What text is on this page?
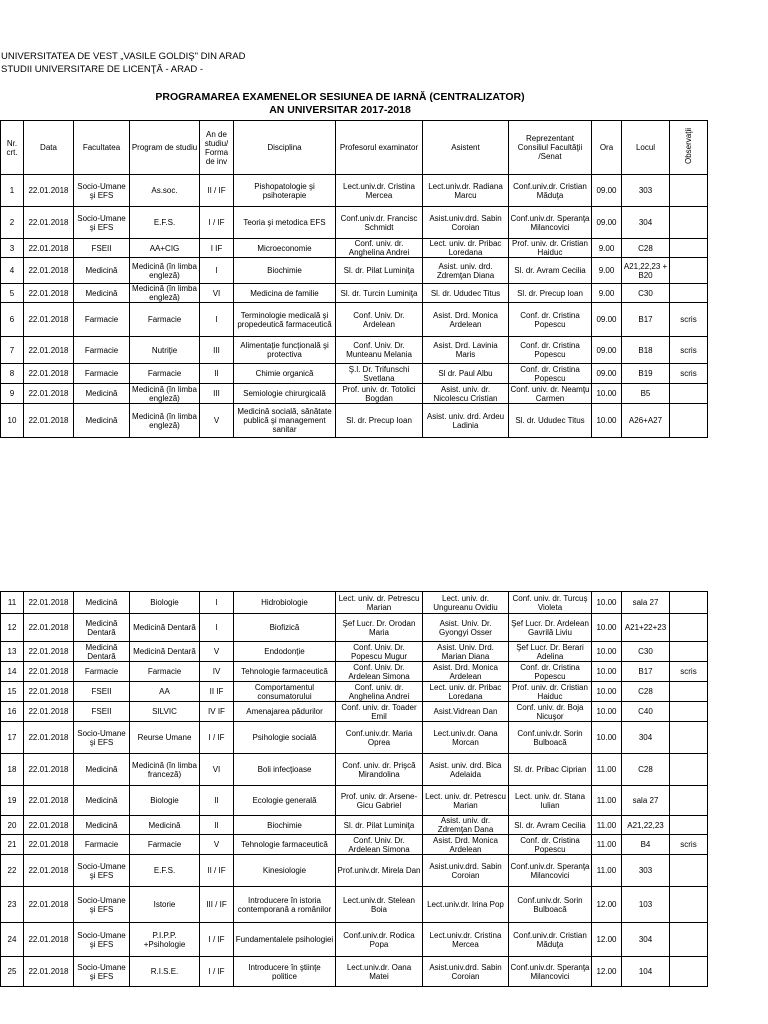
UNIVERSITATEA DE VEST „VASILE GOLDIŞ" DIN ARAD
STUDII UNIVERSITARE DE LICENŢĂ - ARAD -
PROGRAMAREA EXAMENELOR SESIUNEA DE IARNĂ (CENTRALIZATOR)
AN UNIVERSITAR 2017-2018
Nr. crt.	Data	Facultatea	Program de studiu	An de studiu/ Forma de inv	Disciplina	Profesorul examinator	Asistent	Reprezentant Consiliul Facultăţii /Senat	Ora	Locul	Observaţii
1	22.01.2018	Socio-Umane şi EFS	As.soc.	II / IF	Pishopatologie şi psihoterapie	Lect.univ.dr. Cristina Mercea	Lect.univ.dr. Radiana Marcu	Conf.univ.dr. Cristian Măduţa	09.00	303	
2	22.01.2018	Socio-Umane şi EFS	E.F.S.	I / IF	Teoria şi metodica EFS	Conf.univ.dr. Francisc Schmidt	Asist.univ.drd. Sabin Coroian	Conf.univ.dr. Speranţa Milancovici	09.00	304	
3	22.01.2018	FSEII	AA+CIG	I IF	Microeconomie	Conf. univ. dr. Anghelina Andrei	Lect. univ. dr. Pribac Loredana	Prof. univ. dr. Cristian Haiduc	9.00	C28	
4	22.01.2018	Medicină	Medicină (în limba engleză)	I	Biochimie	Sl. dr. Pilat Luminiţa	Asist. univ. drd. Zdremţan Diana	Sl. dr. Avram Cecilia	9.00	A21,22,23 + B20	
5	22.01.2018	Medicină	Medicină (în limba engleză)	VI	Medicina de familie	Sl. dr. Turcin Luminiţa	Sl. dr. Ududec Titus	Sl. dr. Precup Ioan	9.00	C30	
6	22.01.2018	Farmacie	Farmacie	I	Terminologie medicală şi propedeutică farmaceutică	Conf. Univ. Dr. Ardelean	Asist. Drd. Monica Ardelean	Conf. dr. Cristina Popescu	09.00	B17	scris
7	22.01.2018	Farmacie	Nutriţie	III	Alimentaţie funcţională şi protectiva	Conf. Univ. Dr. Munteanu Melania	Asist. Drd. Lavinia Maris	Conf. dr. Cristina Popescu	09.00	B18	scris
8	22.01.2018	Farmacie	Farmacie	II	Chimie organică	Ş.l. Dr. Trifunschi Svetlana	Sl dr. Paul Albu	Conf. dr. Cristina Popescu	09.00	B19	scris
9	22.01.2018	Medicină	Medicină (în limba engleză)	III	Semiologie chirurgicală	Prof. univ. dr. Totolici Bogdan	Asist. univ. dr. Nicolescu Cristian	Conf. univ. dr. Neamţu Carmen	10.00	B5	
10	22.01.2018	Medicină	Medicină (în limba engleză)	V	Medicină socială, sănătate publică şi management sanitar	Sl. dr. Precup Ioan	Asist. univ. drd. Ardeu Ladinia	Sl. dr. Ududec Titus	10.00	A26+A27	
11	22.01.2018	Medicină	Biologie	I	Hidrobiologie	Lect. univ. dr. Petrescu Marian	Lect. univ. dr. Ungureanu Ovidiu	Conf. univ. dr. Turcuş Violeta	10.00	sala 27	
12	22.01.2018	Medicină Dentară	Medicină Dentară	I	Biofizică	Şef Lucr. Dr. Orodan Maria	Asist. Univ. Dr. Gyongyi Osser	Şef Lucr. Dr. Ardelean Gavrilă Liviu	10.00	A21+22+23	
13	22.01.2018	Medicină Dentară	Medicină Dentară	V	Endodonţie	Conf. Univ. Dr. Popescu Mugur	Asist. Univ. Drd. Marian Diana	Şef Lucr. Dr. Berari Adelina	10.00	C30	
14	22.01.2018	Farmacie	Farmacie	IV	Tehnologie farmaceutică	Conf. Univ. Dr. Ardelean Simona	Asist. Drd. Monica Ardelean	Conf. dr. Cristina Popescu	10.00	B17	scris
15	22.01.2018	FSEII	AA	II IF	Comportamentul consumatorului	Conf. univ. dr. Anghelina Andrei	Lect. univ. dr. Pribac Loredana	Prof. univ. dr. Cristian Haiduc	10.00	C28	
16	22.01.2018	FSEII	SILVIC	IV IF	Amenajarea pădurilor	Conf. univ. dr. Toader Emil	Asist.Vidrean Dan	Conf. univ. dr. Boja Nicuşor	10.00	C40	
17	22.01.2018	Socio-Umane şi EFS	Reurse Umane	I / IF	Psihologie socială	Conf.univ.dr. Maria Oprea	Lect.univ.dr. Oana Morcan	Conf.univ.dr. Sorin Bulboacă	10.00	304	
18	22.01.2018	Medicină	Medicină (în limba franceză)	VI	Boli infecţioase	Conf. univ. dr. Prişcă Mirandolina	Asist. univ. drd. Bica Adelaida	Sl. dr. Pribac Ciprian	11.00	C28	
19	22.01.2018	Medicină	Biologie	II	Ecologie generală	Prof. univ. dr. Arsene-Gicu Gabriel	Lect. univ. dr. Petrescu Marian	Lect. univ. dr. Stana Iulian	11.00	sala 27	
20	22.01.2018	Medicină	Medicină	II	Biochimie	Sl. dr. Pilat Luminiţa	Asist. univ. dr. Zdremţan Dana	Sl. dr. Avram Cecilia	11.00	A21,22,23	
21	22.01.2018	Farmacie	Farmacie	V	Tehnologie farmaceutică	Conf. Univ. Dr. Ardelean Simona	Asist. Drd. Monica Ardelean	Conf. dr. Cristina Popescu	11.00	B4	scris
22	22.01.2018	Socio-Umane şi EFS	E.F.S.	II / IF	Kinesiologie	Prof.univ.dr. Mirela Dan	Asist.univ.drd. Sabin Coroian	Conf.univ.dr. Speranţa Milancovici	11.00	303	
23	22.01.2018	Socio-Umane şi EFS	Istorie	III / IF	Introducere în istoria contemporană a românilor	Lect.univ.dr. Stelean Boia	Lect.univ.dr. Irina Pop	Conf.univ.dr. Sorin Bulboacă	12.00	103	
24	22.01.2018	Socio-Umane şi EFS	P.I.P.P. +Psihologie	I / IF	Fundamentalele psihologiei	Conf.univ.dr. Rodica Popa	Lect.univ.dr. Cristina Mercea	Conf.univ.dr. Cristian Măduţa	12.00	304	
25	22.01.2018	Socio-Umane şi EFS	R.I.S.E.	I / IF	Introducere în ştiinţe politice	Lect.univ.dr. Oana Matei	Asist.univ.drd. Sabin Coroian	Conf.univ.dr. Speranţa Milancovici	12.00	104	
